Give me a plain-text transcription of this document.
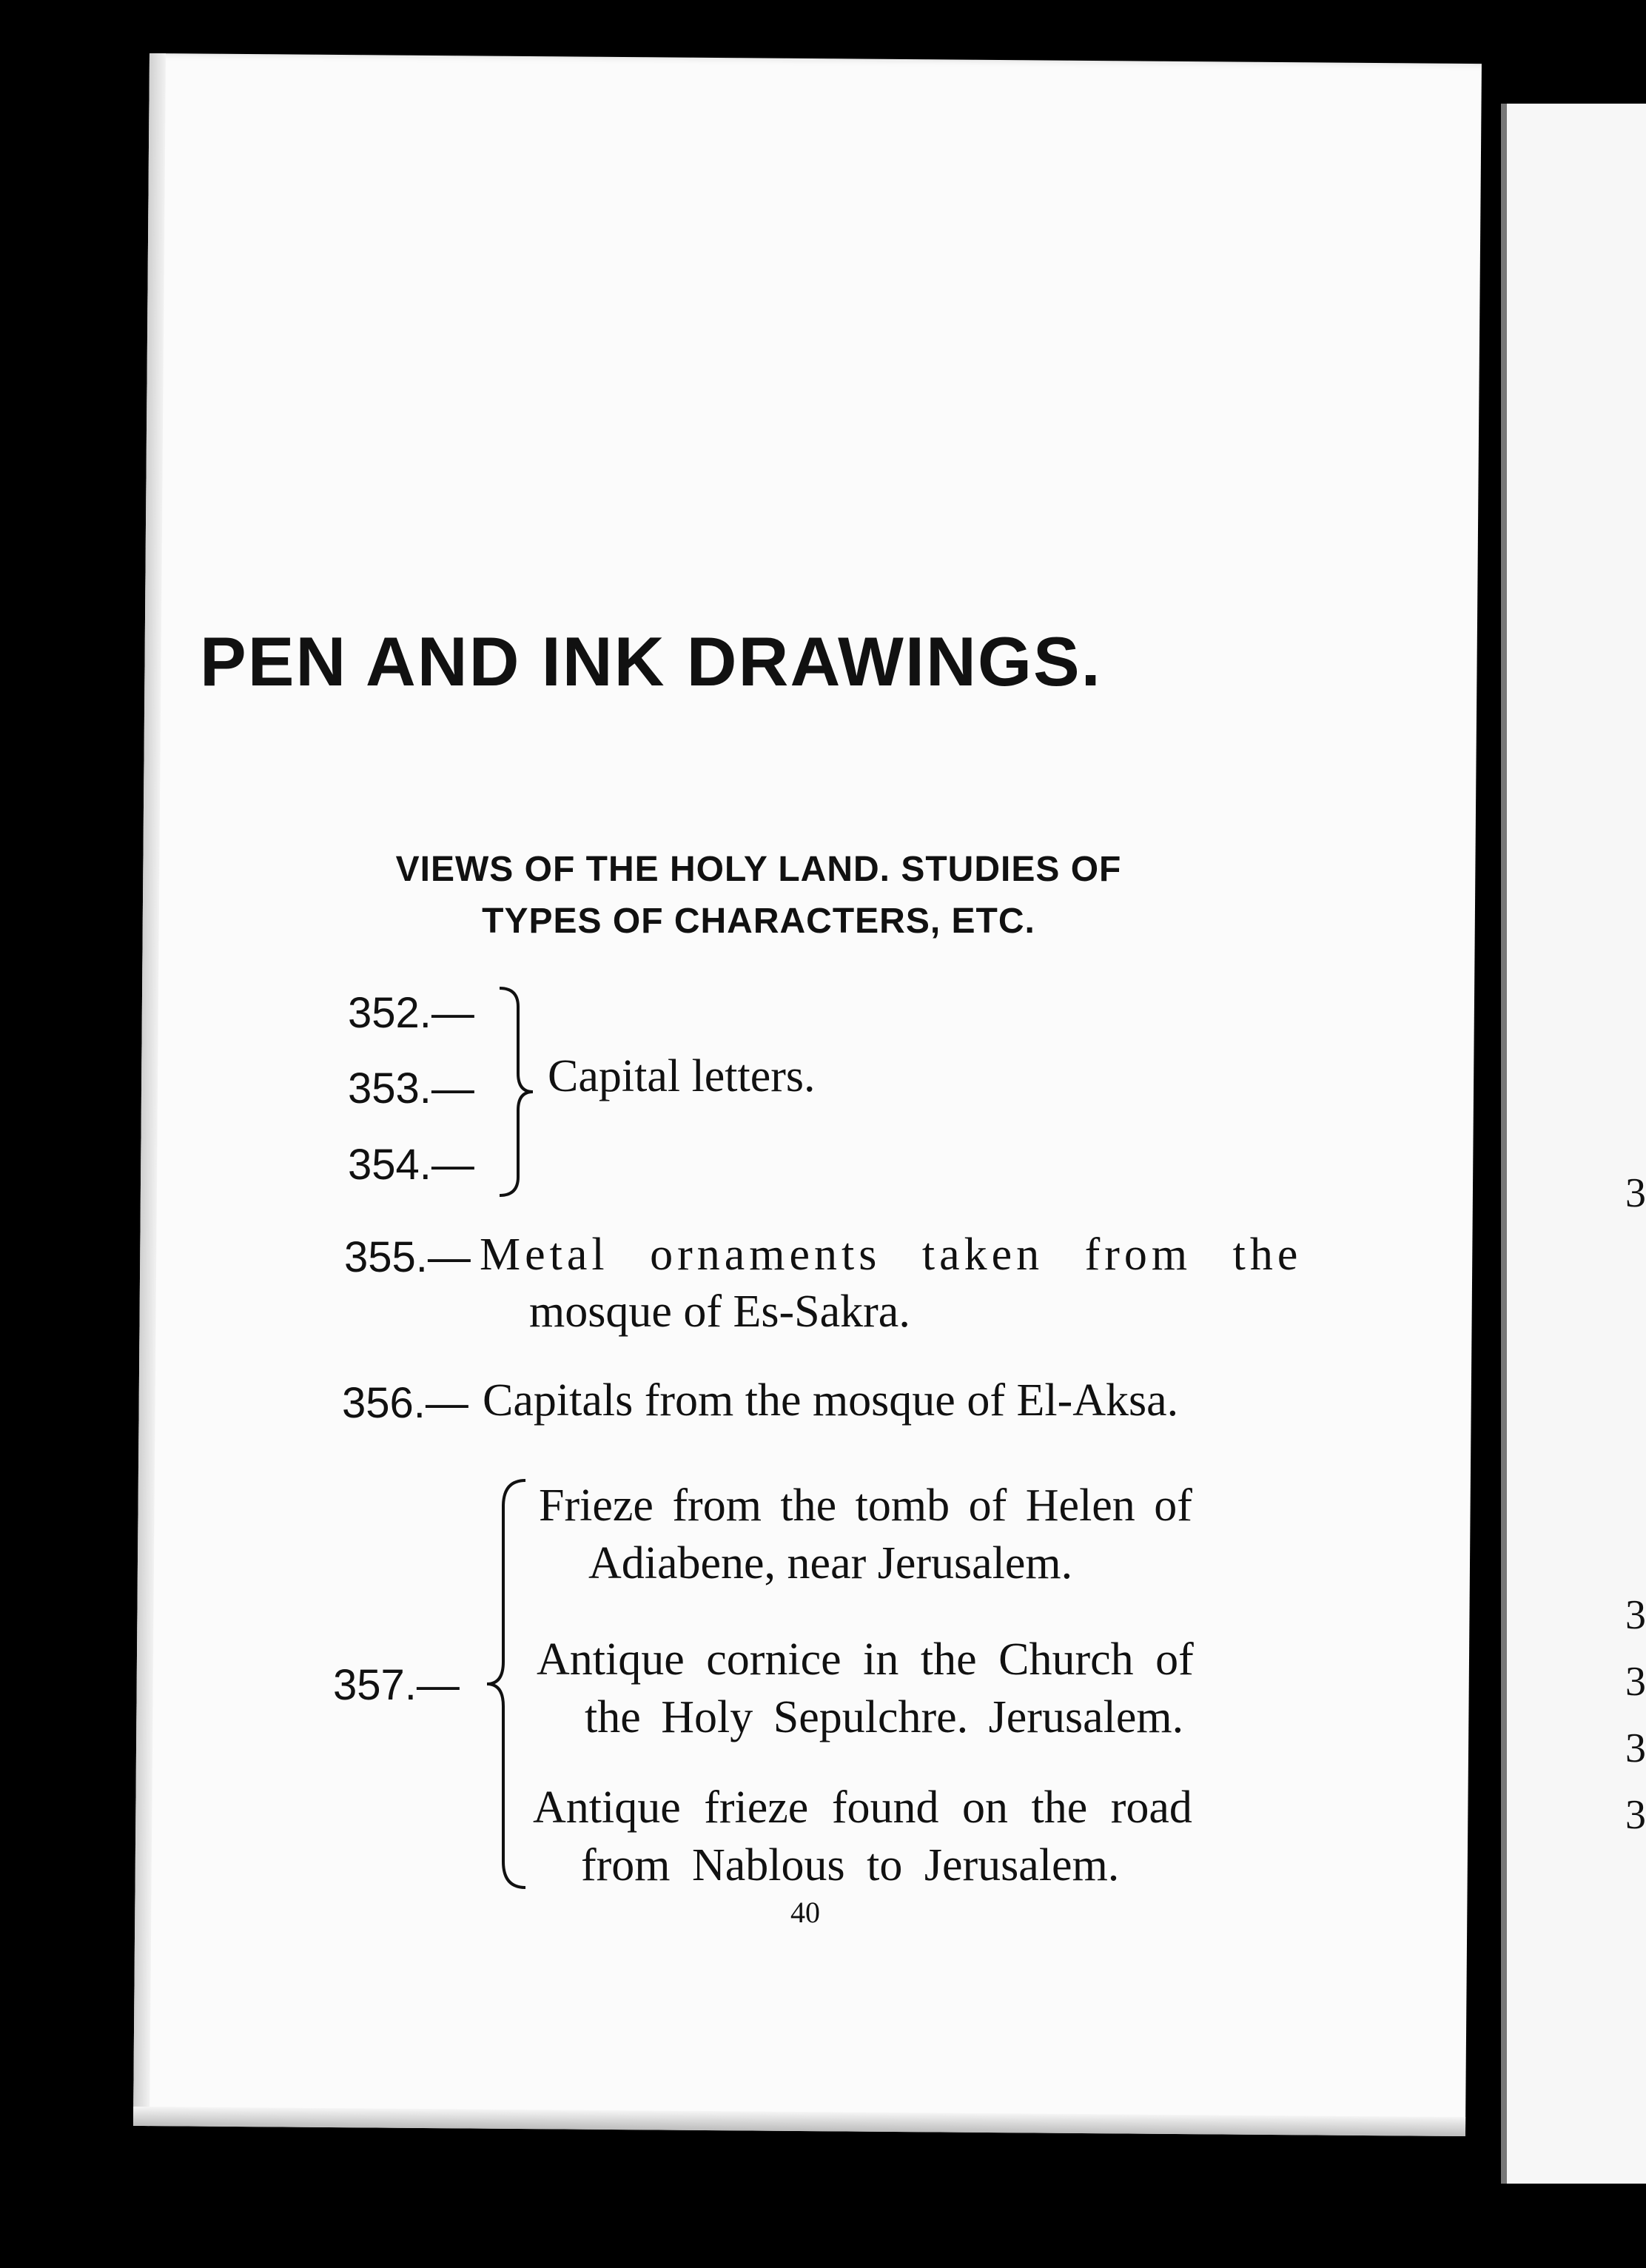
3
3
3
3
3
PEN AND INK DRAWINGS.
VIEWS OF THE HOLY LAND. STUDIES OF
TYPES OF CHARACTERS, ETC.
352.—
353.—
354.—
Capital letters.
355.— Metal ornaments taken from the
mosque of Es-Sakra.
356.— Capitals from the mosque of El-Aksa.
357.—
Frieze from the tomb of Helen of
Adiabene, near Jerusalem.
Antique cornice in the Church of
the Holy Sepulchre. Jerusalem.
Antique frieze found on the road
from Nablous to Jerusalem.
40
